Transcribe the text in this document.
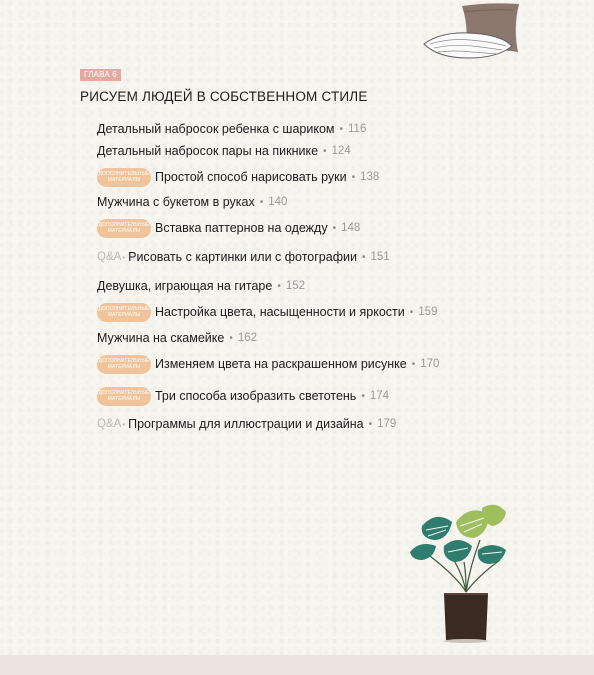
ГЛАВА 6
РИСУЕМ ЛЮДЕЙ В СОБСТВЕННОМ СТИЛЕ
Детальный набросок ребенка с шариком • 116
Детальный набросок пары на пикнике • 124
ДОПОЛНИТЕЛЬНЫЕ
МАТЕРИАЛЫ Простой способ нарисовать руки • 138
Мужчина с букетом в руках • 140
ДОПОЛНИТЕЛЬНЫЕ
МАТЕРИАЛЫ Вставка паттернов на одежду • 148
Q&A• Рисовать с картинки или с фотографии • 151
Девушка, играющая на гитаре • 152
ДОПОЛНИТЕЛЬНЫЕ
МАТЕРИАЛЫ Настройка цвета, насыщенности и яркости • 159
Мужчина на скамейке • 162
ДОПОЛНИТЕЛЬНЫЕ
МАТЕРИАЛЫ Изменяем цвета на раскрашенном рисунке • 170
ДОПОЛНИТЕЛЬНЫЕ
МАТЕРИАЛЫ Три способа изобразить светотень • 174
Q&A• Программы для иллюстрации и дизайна • 179
